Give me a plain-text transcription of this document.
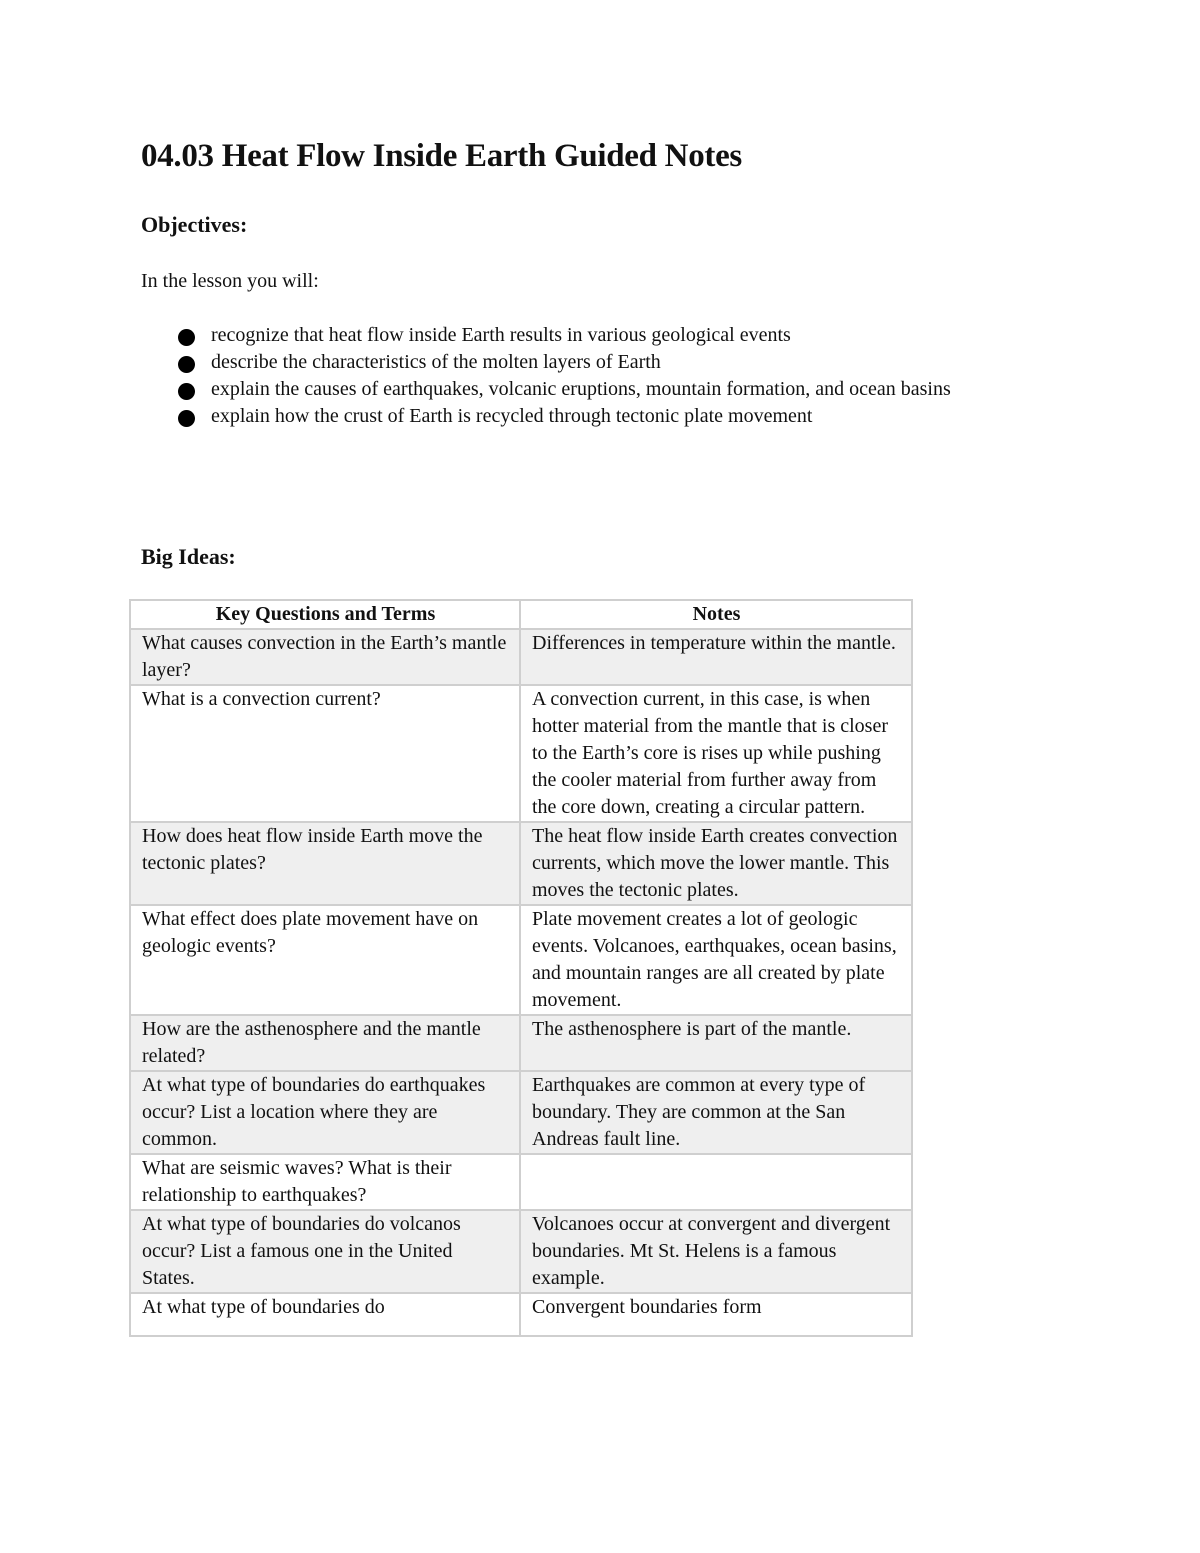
04.03 Heat Flow Inside Earth Guided Notes
Objectives:

In the lesson you will:

recognize that heat flow inside Earth results in various geological events
describe the characteristics of the molten layers of Earth
explain the causes of earthquakes, volcanic eruptions, mountain formation, and ocean basins
explain how the crust of Earth is recycled through tectonic plate movement
Big Ideas:
Key Questions and Terms	Notes
What causes convection in the Earth’s mantle layer?	Differences in temperature within the mantle.
What is a convection current?	A convection current, in this case, is when hotter material from the mantle that is closer to the Earth’s core is rises up while pushing the cooler material from further away from the core down, creating a circular pattern.
How does heat flow inside Earth move the tectonic plates?	The heat flow inside Earth creates convection currents, which move the lower mantle. This moves the tectonic plates.
What effect does plate movement have on geologic events?	Plate movement creates a lot of geologic events. Volcanoes, earthquakes, ocean basins, and mountain ranges are all created by plate movement.
How are the asthenosphere and the mantle related?	The asthenosphere is part of the mantle.
At what type of boundaries do earthquakes occur? List a location where they are common.	Earthquakes are common at every type of boundary. They are common at the San Andreas fault line.
What are seismic waves? What is their relationship to earthquakes?	
At what type of boundaries do volcanos occur? List a famous one in the United States.	Volcanoes occur at convergent and divergent boundaries. Mt St. Helens is a famous example.
At what type of boundaries do	Convergent boundaries form
